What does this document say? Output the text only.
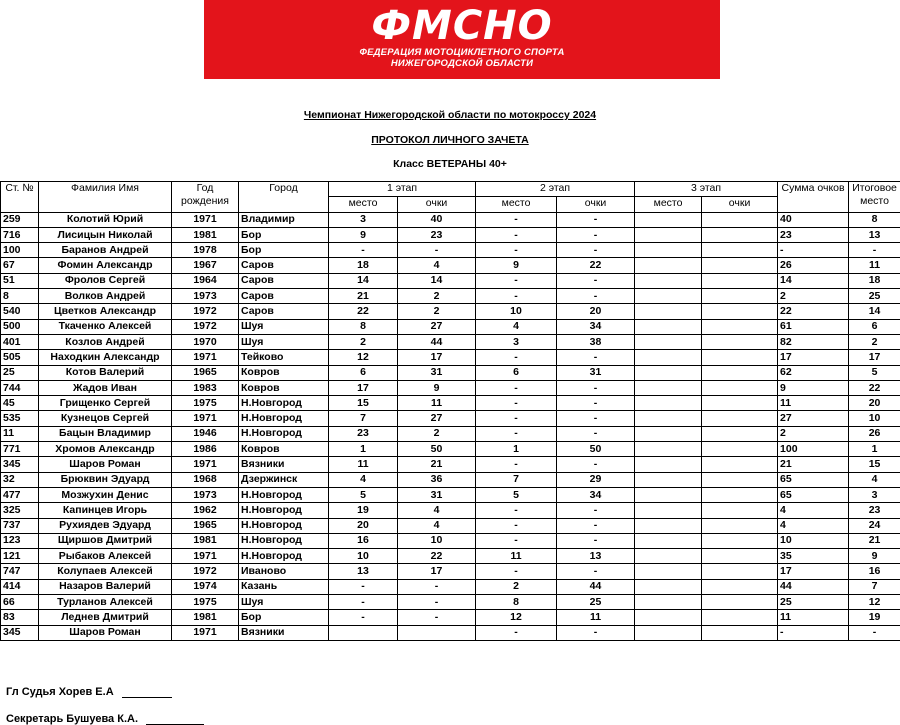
ФМСНО
ФЕДЕРАЦИЯ МОТОЦИКЛЕТНОГО СПОРТА
НИЖЕГОРОДСКОЙ ОБЛАСТИ
Чемпионат Нижегородской области по мотокроссу 2024
ПРОТОКОЛ ЛИЧНОГО ЗАЧЕТА
Класс ВЕТЕРАНЫ 40+
Ст. №	Фамилия Имя	Год рождения	Город	1 этап		2 этап		3 этап		Сумма очков	Итоговое место
				место	очки	место	очки	место	очки		
259	Колотий Юрий	1971	Владимир	3	40	-	-			40	8
716	Лисицын Николай	1981	Бор	9	23	-	-			23	13
100	Баранов Андрей	1978	Бор	-	-	-	-			-	-
67	Фомин Александр	1967	Саров	18	4	9	22			26	11
51	Фролов Сергей	1964	Саров	14	14	-	-			14	18
8	Волков Андрей	1973	Саров	21	2	-	-			2	25
540	Цветков Александр	1972	Саров	22	2	10	20			22	14
500	Ткаченко Алексей	1972	Шуя	8	27	4	34			61	6
401	Козлов Андрей	1970	Шуя	2	44	3	38			82	2
505	Находкин Александр	1971	Тейково	12	17	-	-			17	17
25	Котов Валерий	1965	Ковров	6	31	6	31			62	5
744	Жадов Иван	1983	Ковров	17	9	-	-			9	22
45	Грищенко Сергей	1975	Н.Новгород	15	11	-	-			11	20
535	Кузнецов Сергей	1971	Н.Новгород	7	27	-	-			27	10
11	Бацын Владимир	1946	Н.Новгород	23	2	-	-			2	26
771	Хромов Александр	1986	Ковров	1	50	1	50			100	1
345	Шаров Роман	1971	Вязники	11	21	-	-			21	15
32	Брюквин Эдуард	1968	Дзержинск	4	36	7	29			65	4
477	Мозжухин Денис	1973	Н.Новгород	5	31	5	34			65	3
325	Капинцев Игорь	1962	Н.Новгород	19	4	-	-			4	23
737	Рухиядев Эдуард	1965	Н.Новгород	20	4	-	-			4	24
123	Щиршов Дмитрий	1981	Н.Новгород	16	10	-	-			10	21
121	Рыбаков Алексей	1971	Н.Новгород	10	22	11	13			35	9
747	Колупаев Алексей	1972	Иваново	13	17	-	-			17	16
414	Назаров Валерий	1974	Казань	-	-	2	44			44	7
66	Турланов Алексей	1975	Шуя	-	-	8	25			25	12
83	Леднев Дмитрий	1981	Бор	-	-	12	11			11	19
345	Шаров Роман	1971	Вязники			-	-			-	-
Гл Судья Хорев Е.А
Секретарь Бушуева К.А.
